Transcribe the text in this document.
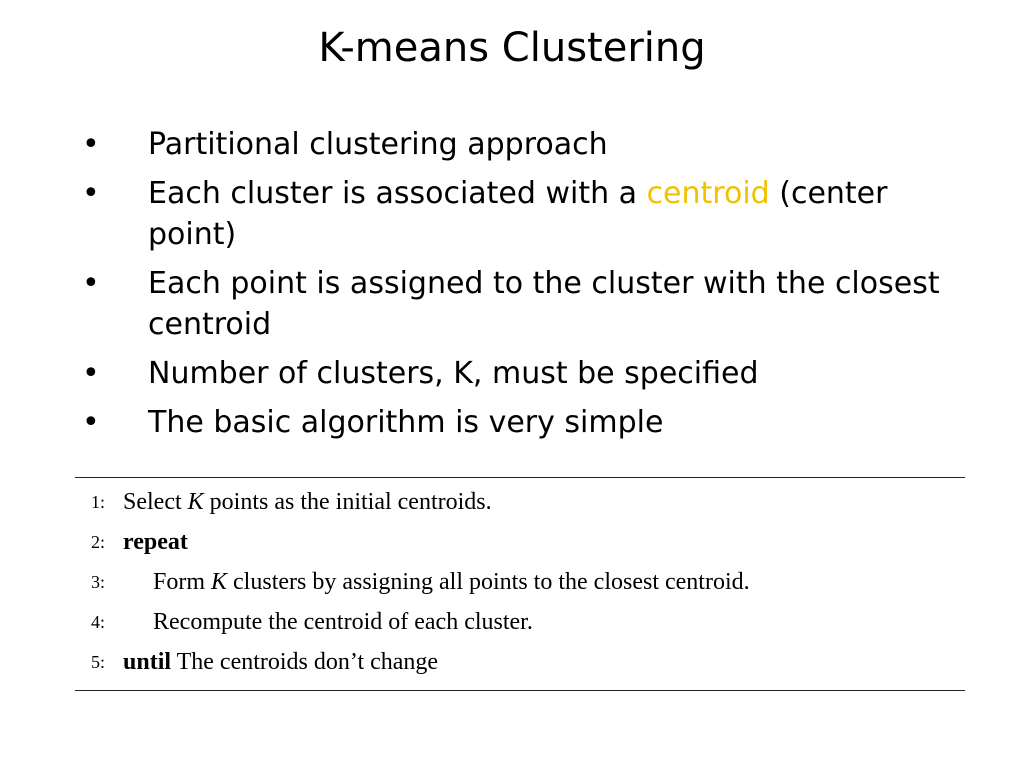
K-means Clustering
•	Partitional clustering approach
•	Each cluster is associated with a centroid (center point)
•	Each point is assigned to the cluster with the closest centroid
•	Number of clusters, K, must be specified
•	The basic algorithm is very simple
1: Select K points as the initial centroids.
2: repeat
3:	Form K clusters by assigning all points to the closest centroid.
4:	Recompute the centroid of each cluster.
5: until The centroids don’t change
